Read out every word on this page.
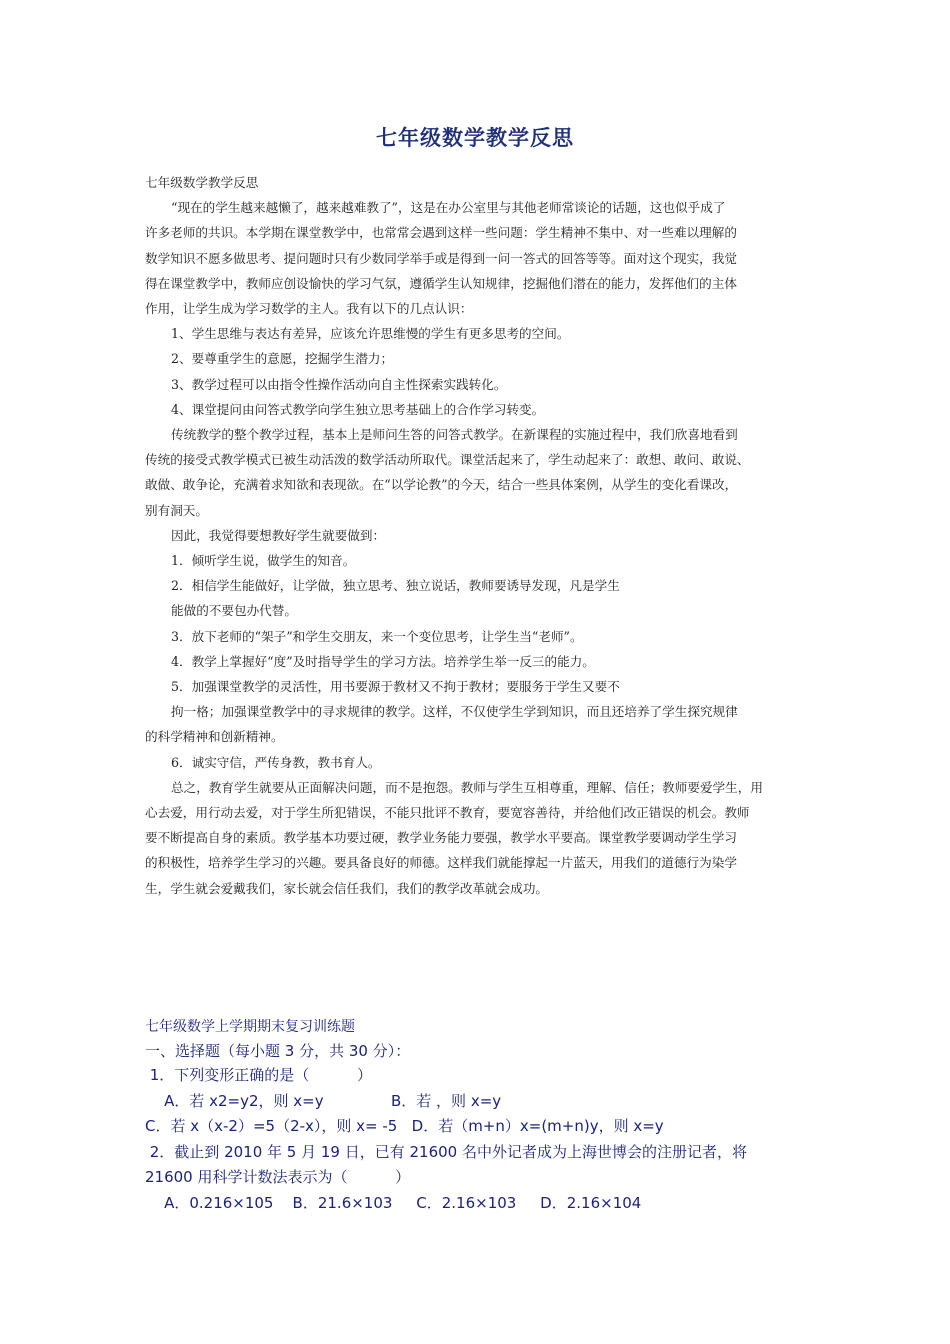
七年级数学教学反思

七年级数学教学反思

“现在的学生越来越懒了，越来越难教了”，这是在办公室里与其他老师常谈论的话题，这也似乎成了

许多老师的共识。本学期在课堂教学中，也常常会遇到这样一些问题：学生精神不集中、对一些难以理解的

数学知识不愿多做思考、提问题时只有少数同学举手或是得到一问一答式的回答等等。面对这个现实，我觉

得在课堂教学中，教师应创设愉快的学习气氛，遵循学生认知规律，挖掘他们潜在的能力，发挥他们的主体

作用，让学生成为学习数学的主人。我有以下的几点认识：

1、学生思维与表达有差异，应该允许思维慢的学生有更多思考的空间。

2、要尊重学生的意愿，挖掘学生潜力；

3、教学过程可以由指令性操作活动向自主性探索实践转化。

4、课堂提问由问答式教学向学生独立思考基础上的合作学习转变。

传统教学的整个教学过程，基本上是师问生答的问答式教学。在新课程的实施过程中，我们欣喜地看到

传统的接受式教学模式已被生动活泼的数学活动所取代。课堂活起来了，学生动起来了：敢想、敢问、敢说、

敢做、敢争论，充满着求知欲和表现欲。在“以学论教”的今天，结合一些具体案例，从学生的变化看课改，

别有洞天。

因此，我觉得要想教好学生就要做到：

1．倾听学生说，做学生的知音。

2．相信学生能做好，让学做，独立思考、独立说话，教师要诱导发现，凡是学生

能做的不要包办代替。

3．放下老师的“架子”和学生交朋友，来一个变位思考，让学生当“老师”。

4．教学上掌握好“度”及时指导学生的学习方法。培养学生举一反三的能力。

5．加强课堂教学的灵活性，用书要源于教材又不拘于教材；要服务于学生又要不

拘一格；加强课堂教学中的寻求规律的教学。这样，不仅使学生学到知识，而且还培养了学生探究规律

的科学精神和创新精神。

6．诚实守信，严传身教，教书育人。

总之，教育学生就要从正面解决问题，而不是抱怨。教师与学生互相尊重，理解、信任；教师要爱学生，用

心去爱，用行动去爱，对于学生所犯错误，不能只批评不教育，要宽容善待，并给他们改正错误的机会。教师

要不断提高自身的素质。教学基本功要过硬，教学业务能力要强，教学水平要高。课堂教学要调动学生学习

的积极性，培养学生学习的兴趣。要具备良好的师德。这样我们就能撑起一片蓝天，用我们的道德行为染学

生，学生就会爱戴我们，家长就会信任我们，我们的教学改革就会成功。

七年级数学上学期期末复习训练题
一、选择题（每小题 3 分，共 30 分）：
1．下列变形正确的是（          ）
A．若 x2=y2，则 x=y	B．若 ，则 x=y
C．若 x（x-2）=5（2-x），则 x= -5   D．若（m+n）x=(m+n)y，则 x=y
2．截止到 2010 年 5 月 19 日，已有 21600 名中外记者成为上海世博会的注册记者，将
21600 用科学计数法表示为（          ）
A．0.216×105    B．21.6×103     C．2.16×103     D．2.16×104
